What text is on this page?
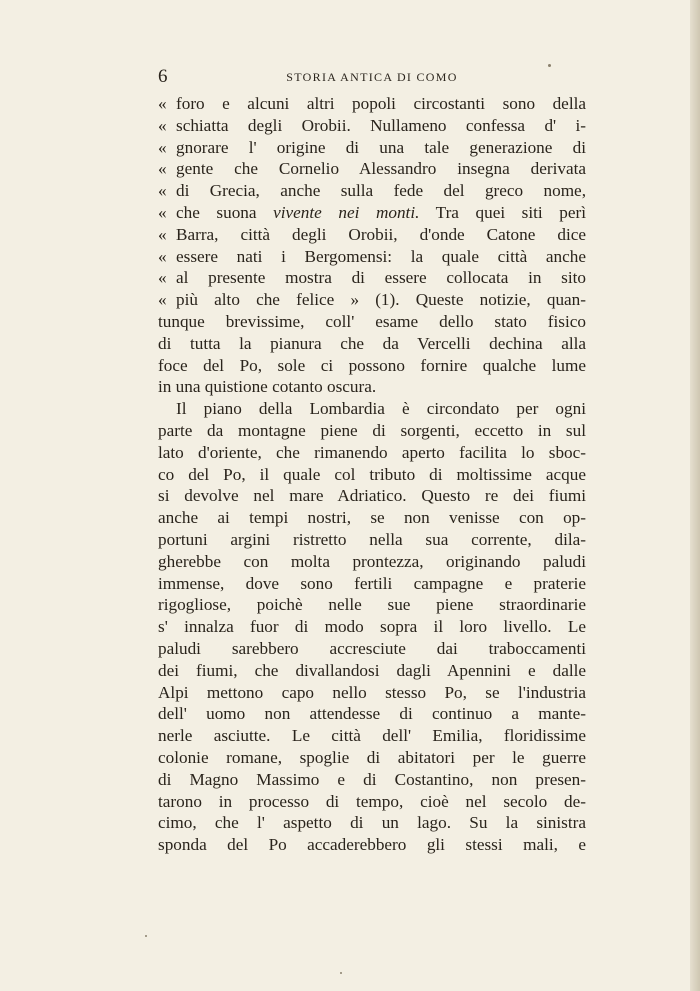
6	STORIA ANTICA DI COMO
« foro e alcuni altri popoli circostanti sono della
« schiatta degli Orobii. Nullameno confessa d' i-
« gnorare l' origine di una tale generazione di
« gente che Cornelio Alessandro insegna derivata
« di Grecia, anche sulla fede del greco nome,
« che suona vivente nei monti. Tra quei siti perì
« Barra, città degli Orobii, d'onde Catone dice
« essere nati i Bergomensi: la quale città anche
« al presente mostra di essere collocata in sito
« più alto che felice » (1). Queste notizie, quan-
tunque brevissime, coll' esame dello stato fisico
di tutta la pianura che da Vercelli dechina alla
foce del Po, sole ci possono fornire qualche lume
in una quistione cotanto oscura.
Il piano della Lombardia è circondato per ogni
parte da montagne piene di sorgenti, eccetto in sul
lato d'oriente, che rimanendo aperto facilita lo sboc-
co del Po, il quale col tributo di moltissime acque
si devolve nel mare Adriatico. Questo re dei fiumi
anche ai tempi nostri, se non venisse con op-
portuni argini ristretto nella sua corrente, dila-
gherebbe con molta prontezza, originando paludi
immense, dove sono fertili campagne e praterie
rigogliose, poichè nelle sue piene straordinarie
s' innalza fuor di modo sopra il loro livello. Le
paludi sarebbero accresciute dai traboccamenti
dei fiumi, che divallandosi dagli Apennini e dalle
Alpi mettono capo nello stesso Po, se l'industria
dell' uomo non attendesse di continuo a mante-
nerle asciutte. Le città dell' Emilia, floridissime
colonie romane, spoglie di abitatori per le guerre
di Magno Massimo e di Costantino, non presen-
tarono in processo di tempo, cioè nel secolo de-
cimo, che l' aspetto di un lago. Su la sinistra
sponda del Po accaderebbero gli stessi mali, e
